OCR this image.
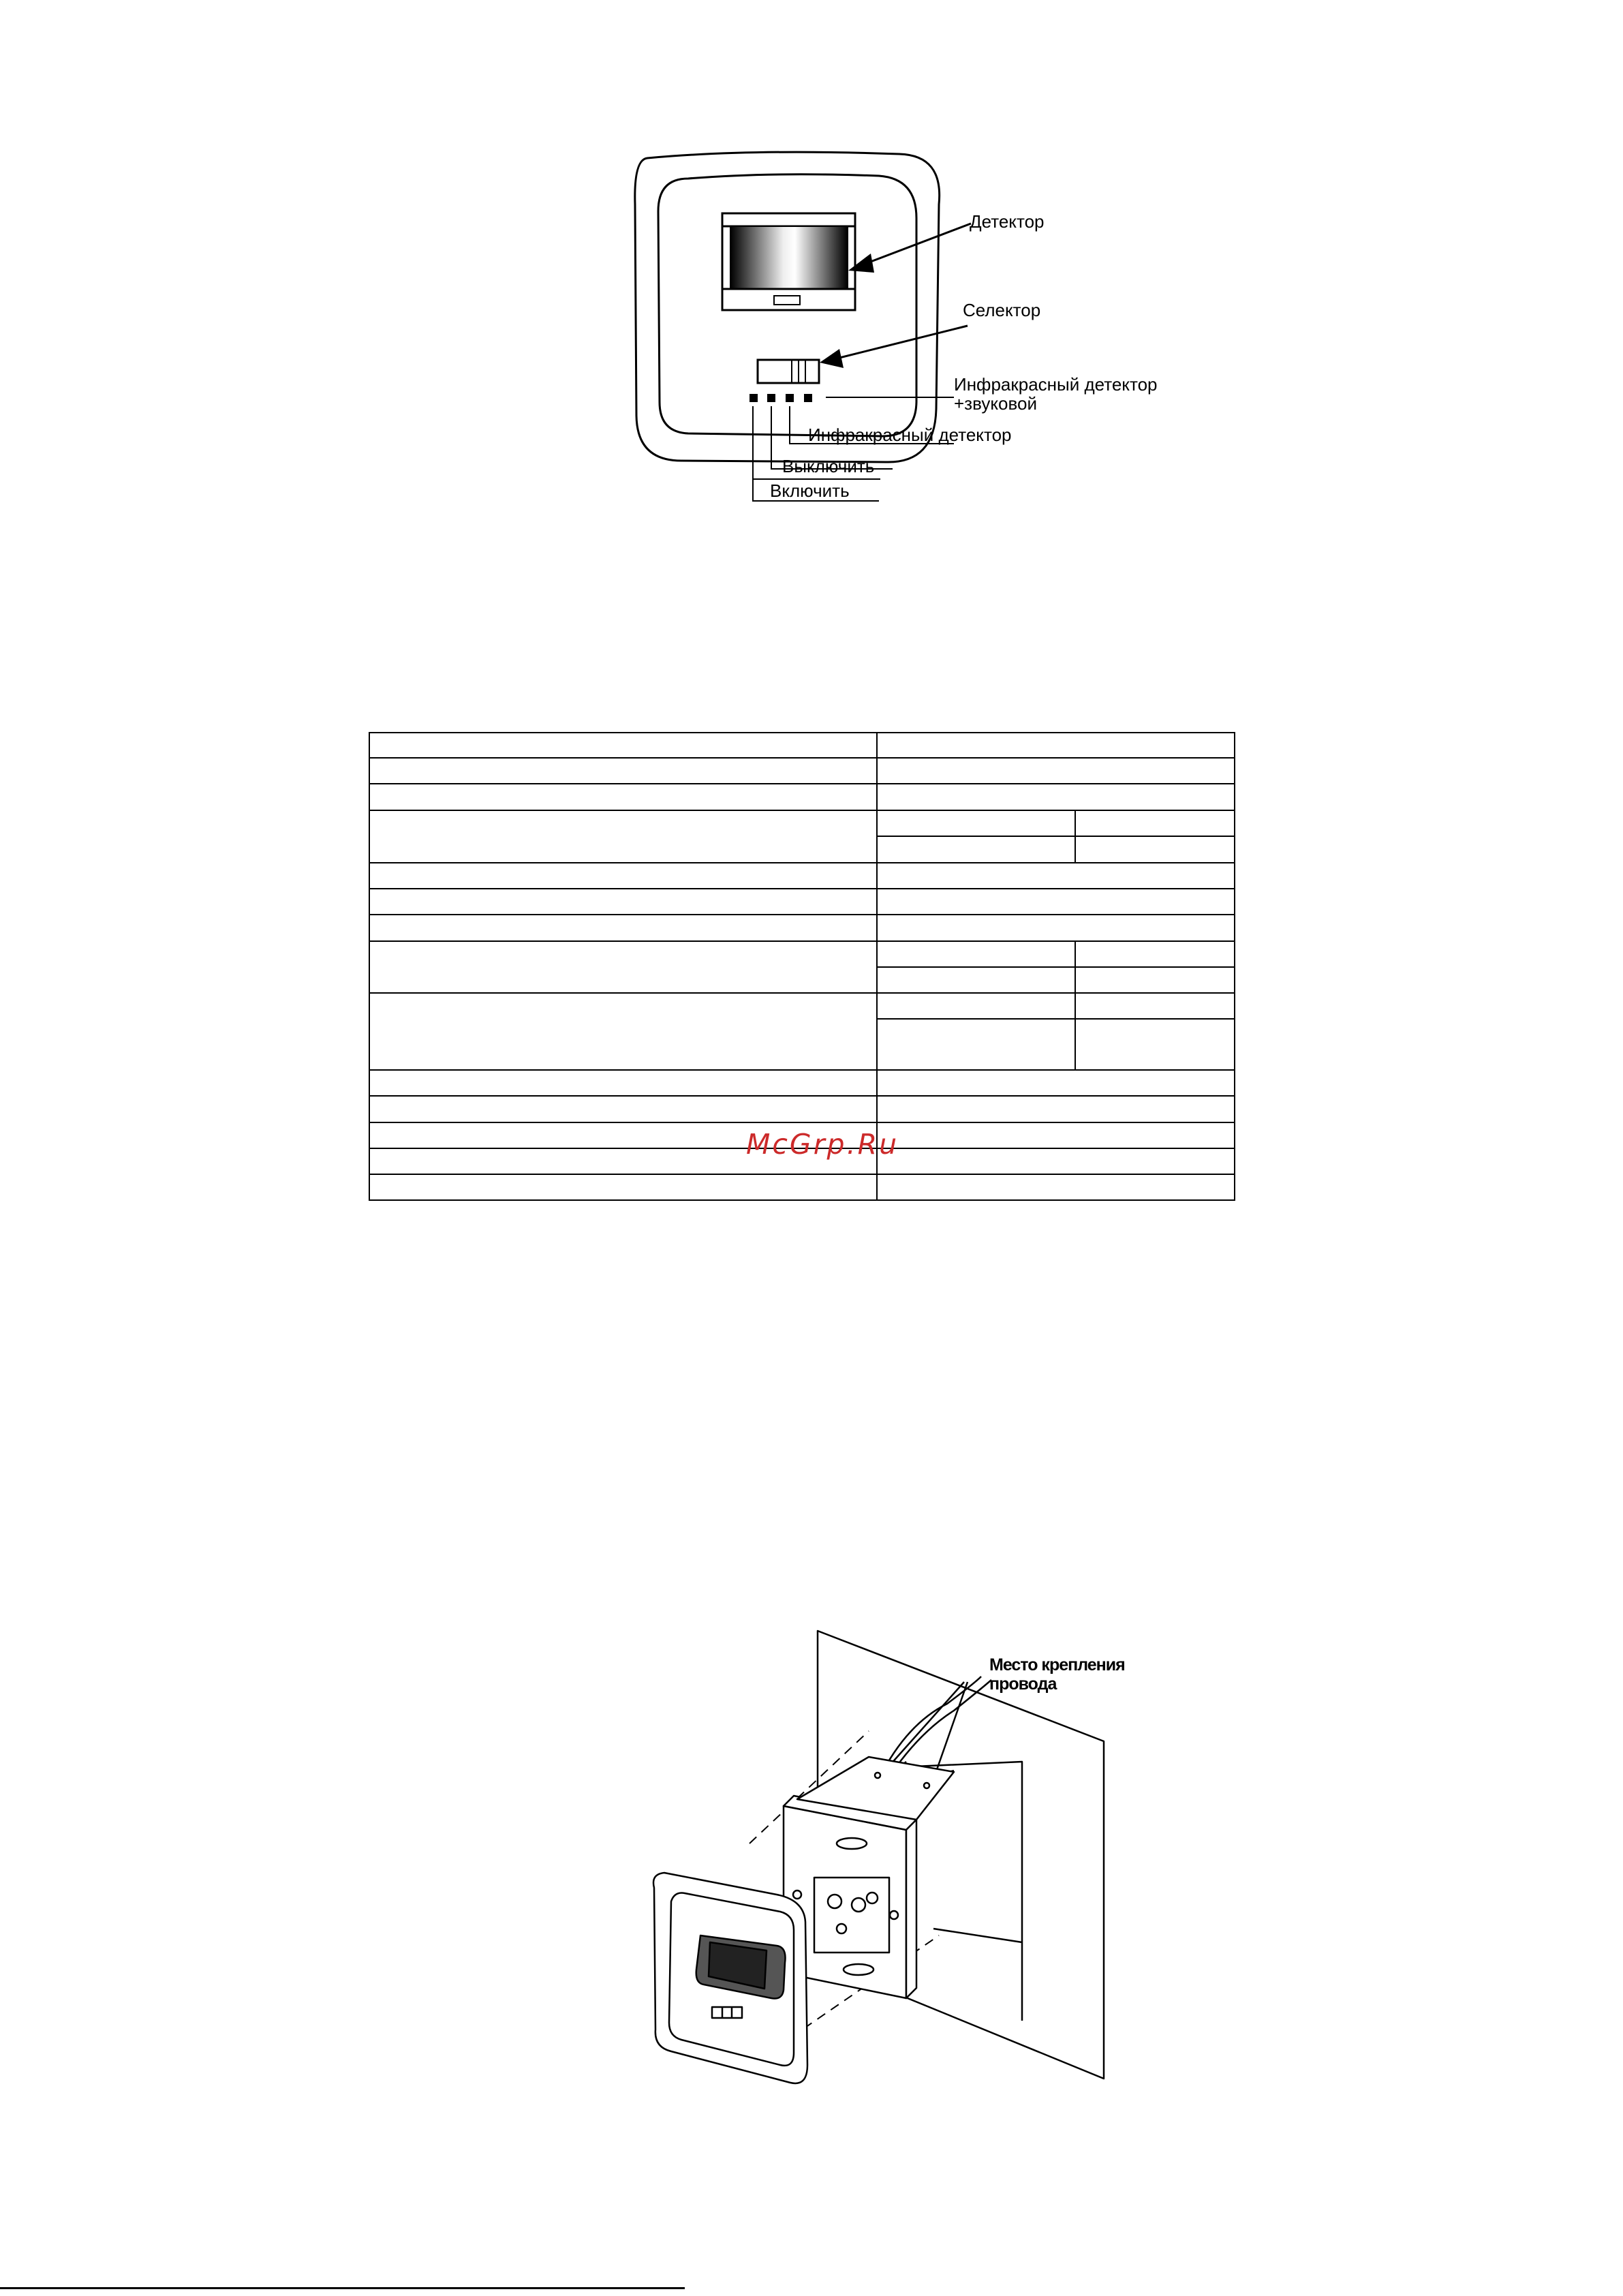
Детектор
Селектор
Инфракрасный детектор
+звуковой
Инфракрасный детектор
Выключить
Включить
McGrp.Ru
Место крепления
провода
